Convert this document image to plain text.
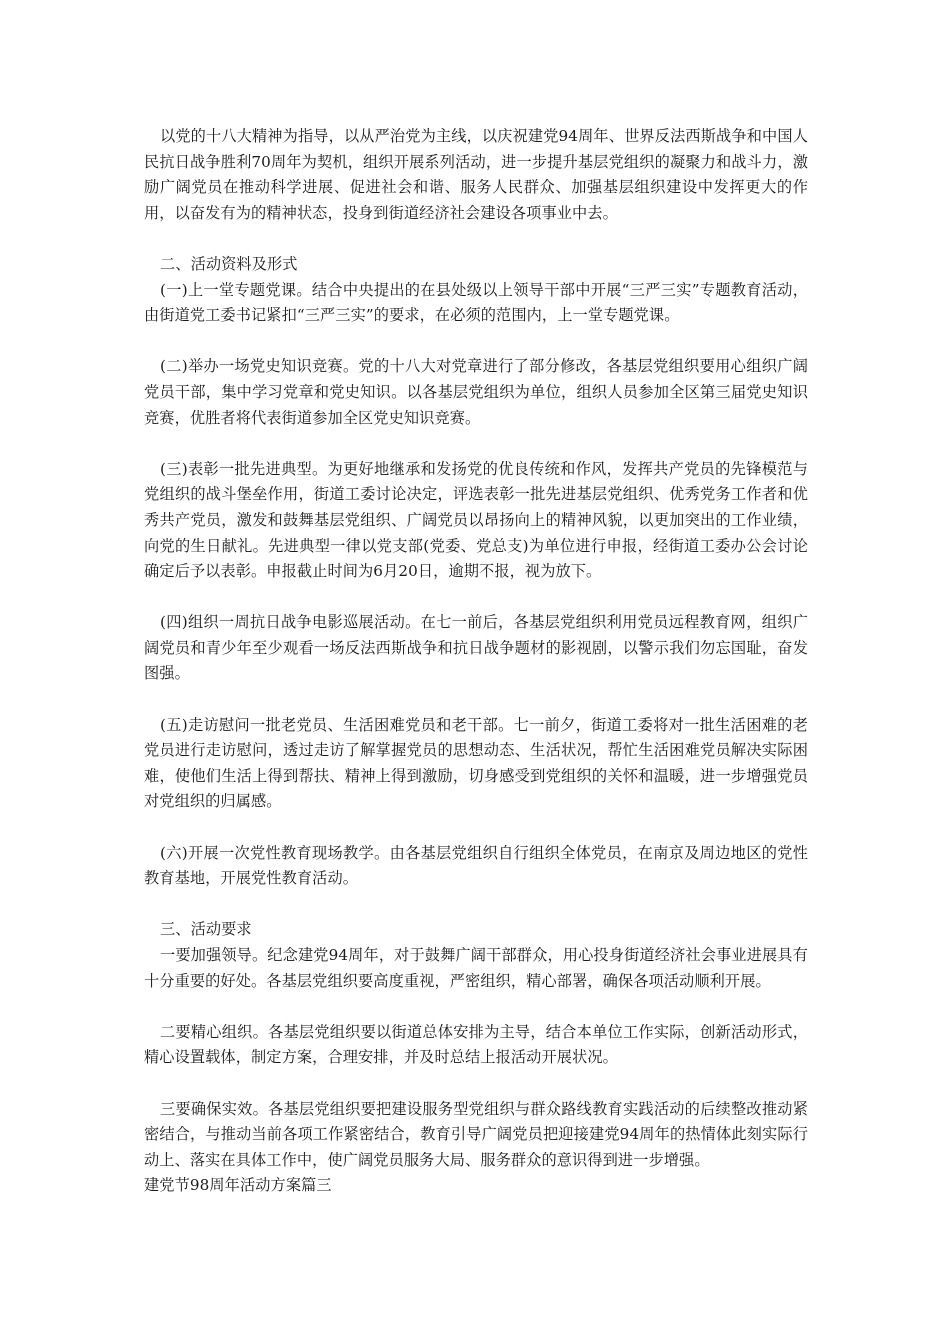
以党的十八大精神为指导，以从严治党为主线，以庆祝建党94周年、世界反法西斯战争和中国人民抗日战争胜利70周年为契机，组织开展系列活动，进一步提升基层党组织的凝聚力和战斗力，激励广阔党员在推动科学进展、促进社会和谐、服务人民群众、加强基层组织建设中发挥更大的作用，以奋发有为的精神状态，投身到街道经济社会建设各项事业中去。

二、活动资料及形式

(一)上一堂专题党课。结合中央提出的在县处级以上领导干部中开展“三严三实”专题教育活动，由街道党工委书记紧扣“三严三实”的要求，在必须的范围内，上一堂专题党课。

(二)举办一场党史知识竞赛。党的十八大对党章进行了部分修改，各基层党组织要用心组织广阔党员干部，集中学习党章和党史知识。以各基层党组织为单位，组织人员参加全区第三届党史知识竞赛，优胜者将代表街道参加全区党史知识竞赛。

(三)表彰一批先进典型。为更好地继承和发扬党的优良传统和作风，发挥共产党员的先锋模范与党组织的战斗堡垒作用，街道工委讨论决定，评选表彰一批先进基层党组织、优秀党务工作者和优秀共产党员，激发和鼓舞基层党组织、广阔党员以昂扬向上的精神风貌，以更加突出的工作业绩，向党的生日献礼。先进典型一律以党支部(党委、党总支)为单位进行申报，经街道工委办公会讨论确定后予以表彰。申报截止时间为6月20日，逾期不报，视为放下。

(四)组织一周抗日战争电影巡展活动。在七一前后，各基层党组织利用党员远程教育网，组织广阔党员和青少年至少观看一场反法西斯战争和抗日战争题材的影视剧，以警示我们勿忘国耻，奋发图强。

(五)走访慰问一批老党员、生活困难党员和老干部。七一前夕，街道工委将对一批生活困难的老党员进行走访慰问，透过走访了解掌握党员的思想动态、生活状况，帮忙生活困难党员解决实际困难，使他们生活上得到帮扶、精神上得到激励，切身感受到党组织的关怀和温暖，进一步增强党员对党组织的归属感。

(六)开展一次党性教育现场教学。由各基层党组织自行组织全体党员，在南京及周边地区的党性教育基地，开展党性教育活动。

三、活动要求

一要加强领导。纪念建党94周年，对于鼓舞广阔干部群众，用心投身街道经济社会事业进展具有十分重要的好处。各基层党组织要高度重视，严密组织，精心部署，确保各项活动顺利开展。

二要精心组织。各基层党组织要以街道总体安排为主导，结合本单位工作实际，创新活动形式，精心设置载体，制定方案，合理安排，并及时总结上报活动开展状况。

三要确保实效。各基层党组织要把建设服务型党组织与群众路线教育实践活动的后续整改推动紧密结合，与推动当前各项工作紧密结合，教育引导广阔党员把迎接建党94周年的热情体此刻实际行动上、落实在具体工作中，使广阔党员服务大局、服务群众的意识得到进一步增强。

建党节98周年活动方案篇三
